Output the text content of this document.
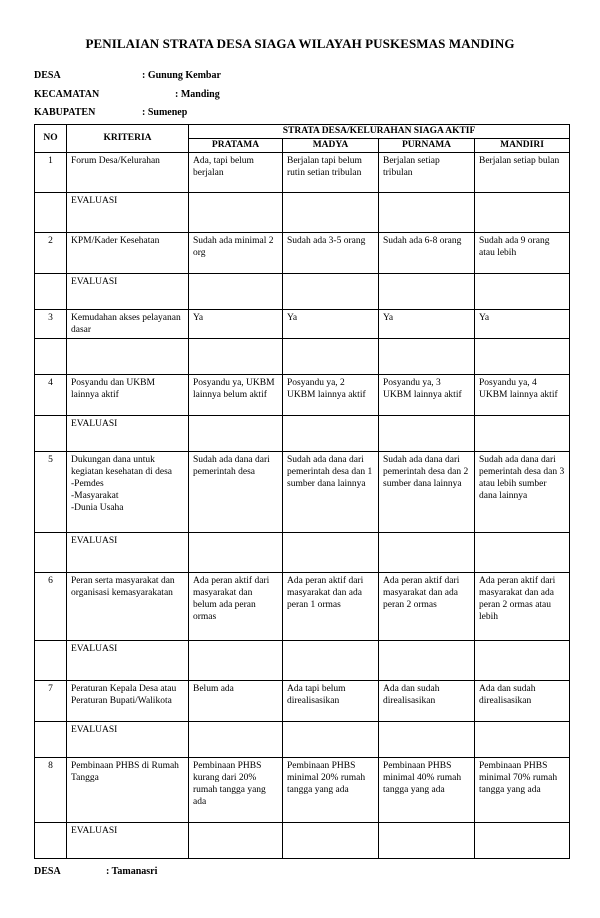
PENILAIAN STRATA DESA SIAGA WILAYAH PUSKESMAS MANDING
DESA	: Gunung Kembar
KECAMATAN	: Manding
KABUPATEN	: Sumenep
NO	KRITERIA	STRATA DESA/KELURAHAN SIAGA AKTIF			
		PRATAMA	MADYA	PURNAMA	MANDIRI
1	Forum Desa/Kelurahan	Ada, tapi belum berjalan	Berjalan tapi belum rutin setian tribulan	Berjalan setiap tribulan	Berjalan setiap bulan
	EVALUASI				
2	KPM/Kader Kesehatan	Sudah ada minimal 2 org	Sudah ada 3-5 orang	Sudah ada 6-8 orang	Sudah ada 9 orang atau lebih
	EVALUASI				
3	Kemudahan akses pelayanan dasar	Ya	Ya	Ya	Ya

4	Posyandu dan UKBM lainnya aktif	Posyandu ya, UKBM lainnya belum aktif	Posyandu ya, 2 UKBM lainnya aktif	Posyandu ya, 3 UKBM lainnya aktif	Posyandu ya, 4 UKBM lainnya aktif
	EVALUASI				
5	Dukungan dana untuk kegiatan kesehatan di desa
-Pemdes
-Masyarakat
-Dunia Usaha	Sudah ada dana dari pemerintah desa	Sudah ada dana dari pemerintah desa dan 1 sumber dana lainnya	Sudah ada dana dari pemerintah desa dan 2 sumber dana lainnya	Sudah ada dana dari pemerintah desa dan 3 atau lebih sumber dana lainnya
	EVALUASI				
6	Peran serta masyarakat dan organisasi kemasyarakatan	Ada peran aktif dari masyarakat dan belum ada peran ormas	Ada peran aktif dari masyarakat dan ada peran 1 ormas	Ada peran aktif dari masyarakat dan ada peran 2 ormas	Ada peran aktif dari masyarakat dan ada peran 2 ormas atau lebih
	EVALUASI				
7	Peraturan Kepala Desa atau Peraturan Bupati/Walikota	Belum ada	Ada tapi belum direalisasikan	Ada dan sudah direalisasikan	Ada dan sudah direalisasikan
	EVALUASI				
8	Pembinaan PHBS di Rumah Tangga	Pembinaan PHBS kurang dari 20% rumah tangga yang ada	Pembinaan PHBS minimal 20% rumah tangga yang ada	Pembinaan PHBS minimal 40% rumah tangga yang ada	Pembinaan PHBS minimal 70% rumah tangga yang ada
	EVALUASI				
DESA	: Tamanasri
